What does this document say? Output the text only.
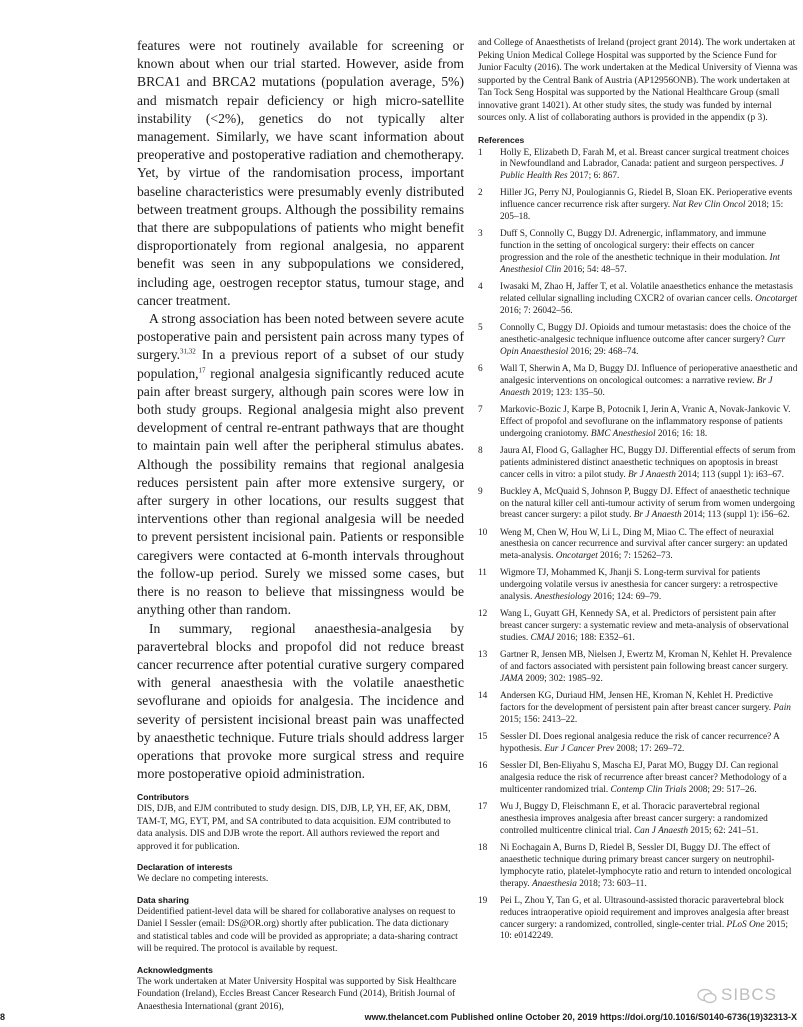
features were not routinely available for screening or known about when our trial started. However, aside from BRCA1 and BRCA2 mutations (population average, 5%) and mismatch repair deficiency or high micro-satellite instability (<2%), genetics do not typically alter management. Similarly, we have scant information about preoperative and postoperative radiation and chemotherapy. Yet, by virtue of the randomisation process, important baseline characteristics were presumably evenly distributed between treatment groups. Although the possibility remains that there are subpopulations of patients who might benefit disproportionately from regional analgesia, no apparent benefit was seen in any subpopulations we considered, including age, oestrogen receptor status, tumour stage, and cancer treatment.

A strong association has been noted between severe acute postoperative pain and persistent pain across many types of surgery.$^{31,32}$ In a previous report of a subset of our study population,$^{17}$ regional analgesia significantly reduced acute pain after breast surgery, although pain scores were low in both study groups. Regional analgesia might also prevent development of central re-entrant pathways that are thought to maintain pain well after the peripheral stimulus abates. Although the possibility remains that regional analgesia reduces persistent pain after more extensive surgery, or after surgery in other locations, our results suggest that interventions other than regional analgesia will be needed to prevent persistent incisional pain. Patients or responsible caregivers were contacted at 6-month intervals throughout the follow-up period. Surely we missed some cases, but there is no reason to believe that missingness would be anything other than random.

In summary, regional anaesthesia-analgesia by paravertebral blocks and propofol did not reduce breast cancer recurrence after potential curative surgery compared with general anaesthesia with the volatile anaesthetic sevoflurane and opioids for analgesia. The incidence and severity of persistent incisional breast pain was unaffected by anaesthetic technique. Future trials should address larger operations that provoke more surgical stress and require more postoperative opioid administration.

Contributors

DIS, DJB, and EJM contributed to study design. DIS, DJB, LP, YH, EF, AK, DBM, TAM-T, MG, EYT, PM, and SA contributed to data acquisition. EJM contributed to data analysis. DIS and DJB wrote the report. All authors reviewed the report and approved it for publication.

Declaration of interests

We declare no competing interests.

Data sharing

Deidentified patient-level data will be shared for collaborative analyses on request to Daniel I Sessler (email: DS@OR.org) shortly after publication. The data dictionary and statistical tables and code will be provided as appropriate; a data-sharing contract will be required. The protocol is available by request.

Acknowledgments

The work undertaken at Mater University Hospital was supported by Sisk Healthcare Foundation (Ireland), Eccles Breast Cancer Research Fund (2014), British Journal of Anaesthesia International (grant 2016),

and College of Anaesthetists of Ireland (project grant 2014). The work undertaken at Peking Union Medical College Hospital was supported by the Science Fund for Junior Faculty (2016). The work undertaken at the Medical University of Vienna was supported by the Central Bank of Austria (AP12956ONB). The work undertaken at Tan Tock Seng Hospital was supported by the National Healthcare Group (small innovative grant 14021). At other study sites, the study was funded by internal sources only. A list of collaborating authors is provided in the appendix (p 3).

References
1	Holly E, Elizabeth D, Farah M, et al. Breast cancer surgical treatment choices in Newfoundland and Labrador, Canada: patient and surgeon perspectives. J Public Health Res 2017; 6: 867.
2	Hiller JG, Perry NJ, Poulogiannis G, Riedel B, Sloan EK. Perioperative events influence cancer recurrence risk after surgery. Nat Rev Clin Oncol 2018; 15: 205–18.
3	Duff S, Connolly C, Buggy DJ. Adrenergic, inflammatory, and immune function in the setting of oncological surgery: their effects on cancer progression and the role of the anesthetic technique in their modulation. Int Anesthesiol Clin 2016; 54: 48–57.
4	Iwasaki M, Zhao H, Jaffer T, et al. Volatile anaesthetics enhance the metastasis related cellular signalling including CXCR2 of ovarian cancer cells. Oncotarget 2016; 7: 26042–56.
5	Connolly C, Buggy DJ. Opioids and tumour metastasis: does the choice of the anesthetic-analgesic technique influence outcome after cancer surgery? Curr Opin Anaesthesiol 2016; 29: 468–74.
6	Wall T, Sherwin A, Ma D, Buggy DJ. Influence of perioperative anaesthetic and analgesic interventions on oncological outcomes: a narrative review. Br J Anaesth 2019; 123: 135–50.
7	Markovic-Bozic J, Karpe B, Potocnik I, Jerin A, Vranic A, Novak-Jankovic V. Effect of propofol and sevoflurane on the inflammatory response of patients undergoing craniotomy. BMC Anesthesiol 2016; 16: 18.
8	Jaura AI, Flood G, Gallagher HC, Buggy DJ. Differential effects of serum from patients administered distinct anaesthetic techniques on apoptosis in breast cancer cells in vitro: a pilot study. Br J Anaesth 2014; 113 (suppl 1): i63–67.
9	Buckley A, McQuaid S, Johnson P, Buggy DJ. Effect of anaesthetic technique on the natural killer cell anti-tumour activity of serum from women undergoing breast cancer surgery: a pilot study. Br J Anaesth 2014; 113 (suppl 1): i56–62.
10	Weng M, Chen W, Hou W, Li L, Ding M, Miao C. The effect of neuraxial anesthesia on cancer recurrence and survival after cancer surgery: an updated meta-analysis. Oncotarget 2016; 7: 15262–73.
11	Wigmore TJ, Mohammed K, Jhanji S. Long-term survival for patients undergoing volatile versus iv anesthesia for cancer surgery: a retrospective analysis. Anesthesiology 2016; 124: 69–79.
12	Wang L, Guyatt GH, Kennedy SA, et al. Predictors of persistent pain after breast cancer surgery: a systematic review and meta-analysis of observational studies. CMAJ 2016; 188: E352–61.
13	Gartner R, Jensen MB, Nielsen J, Ewertz M, Kroman N, Kehlet H. Prevalence of and factors associated with persistent pain following breast cancer surgery. JAMA 2009; 302: 1985–92.
14	Andersen KG, Duriaud HM, Jensen HE, Kroman N, Kehlet H. Predictive factors for the development of persistent pain after breast cancer surgery. Pain 2015; 156: 2413–22.
15	Sessler DI. Does regional analgesia reduce the risk of cancer recurrence? A hypothesis. Eur J Cancer Prev 2008; 17: 269–72.
16	Sessler DI, Ben-Eliyahu S, Mascha EJ, Parat MO, Buggy DJ. Can regional analgesia reduce the risk of recurrence after breast cancer? Methodology of a multicenter randomized trial. Contemp Clin Trials 2008; 29: 517–26.
17	Wu J, Buggy D, Fleischmann E, et al. Thoracic paravertebral regional anesthesia improves analgesia after breast cancer surgery: a randomized controlled multicentre clinical trial. Can J Anaesth 2015; 62: 241–51.
18	Ni Eochagain A, Burns D, Riedel B, Sessler DI, Buggy DJ. The effect of anaesthetic technique during primary breast cancer surgery on neutrophil-lymphocyte ratio, platelet-lymphocyte ratio and return to intended oncological therapy. Anaesthesia 2018; 73: 603–11.
19	Pei L, Zhou Y, Tan G, et al. Ultrasound-assisted thoracic paravertebral block reduces intraoperative opioid requirement and improves analgesia after breast cancer surgery: a randomized, controlled, single-center trial. PLoS One 2015; 10: e0142249.
8	www.thelancet.com Published online October 20, 2019 https://doi.org/10.1016/S0140-6736(19)32313-X
SIBCS
